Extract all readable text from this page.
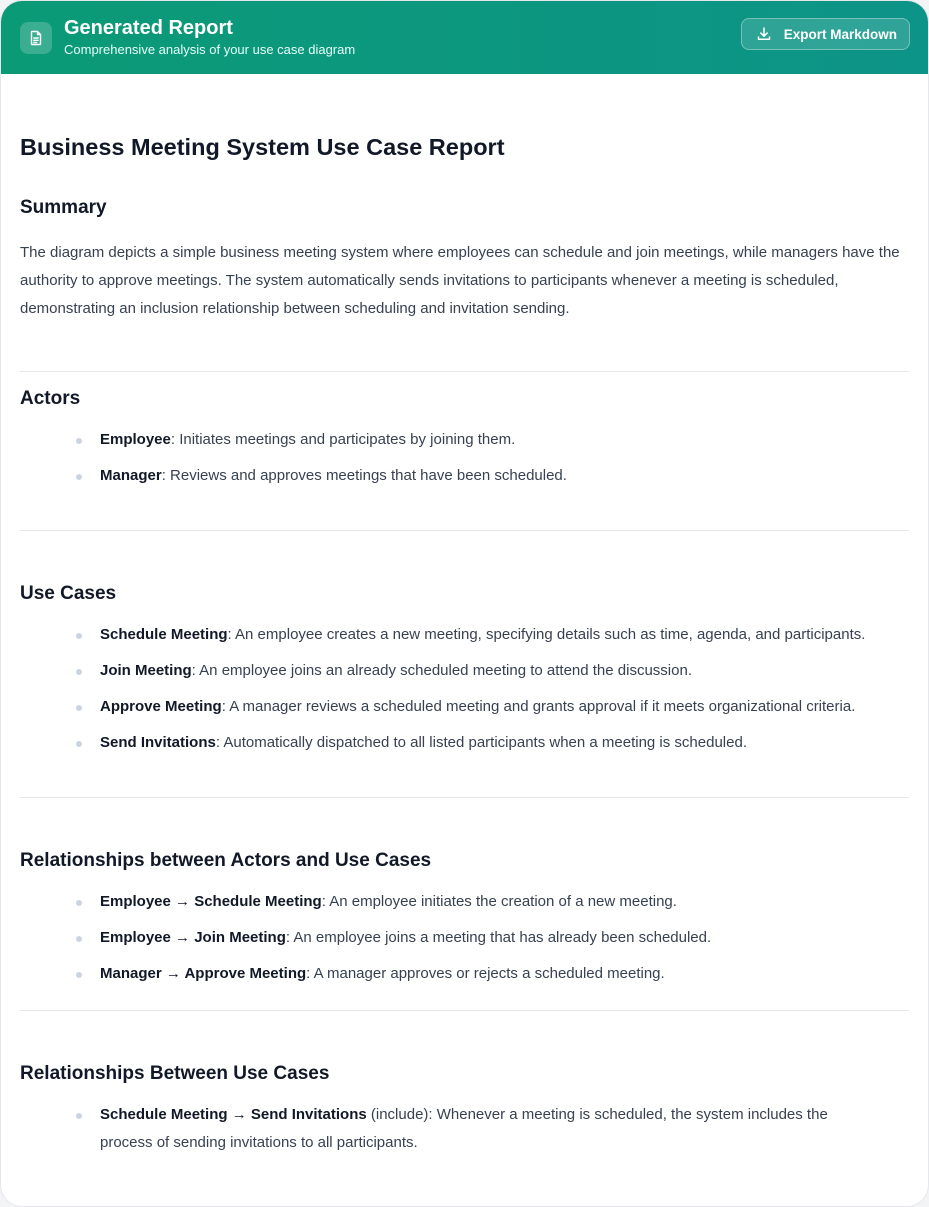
Generated Report
Comprehensive analysis of your use case diagram
Export Markdown
Business Meeting System Use Case Report
Summary

The diagram depicts a simple business meeting system where employees can schedule and join meetings, while managers have the authority to approve meetings. The system automatically sends invitations to participants whenever a meeting is scheduled, demonstrating an inclusion relationship between scheduling and invitation sending.

Actors
Employee: Initiates meetings and participates by joining them.
Manager: Reviews and approves meetings that have been scheduled.
Use Cases
Schedule Meeting: An employee creates a new meeting, specifying details such as time, agenda, and participants.
Join Meeting: An employee joins an already scheduled meeting to attend the discussion.
Approve Meeting: A manager reviews a scheduled meeting and grants approval if it meets organizational criteria.
Send Invitations: Automatically dispatched to all listed participants when a meeting is scheduled.
Relationships between Actors and Use Cases
Employee → Schedule Meeting: An employee initiates the creation of a new meeting.
Employee → Join Meeting: An employee joins a meeting that has already been scheduled.
Manager → Approve Meeting: A manager approves or rejects a scheduled meeting.
Relationships Between Use Cases
Schedule Meeting → Send Invitations (include): Whenever a meeting is scheduled, the system includes the process of sending invitations to all participants.
